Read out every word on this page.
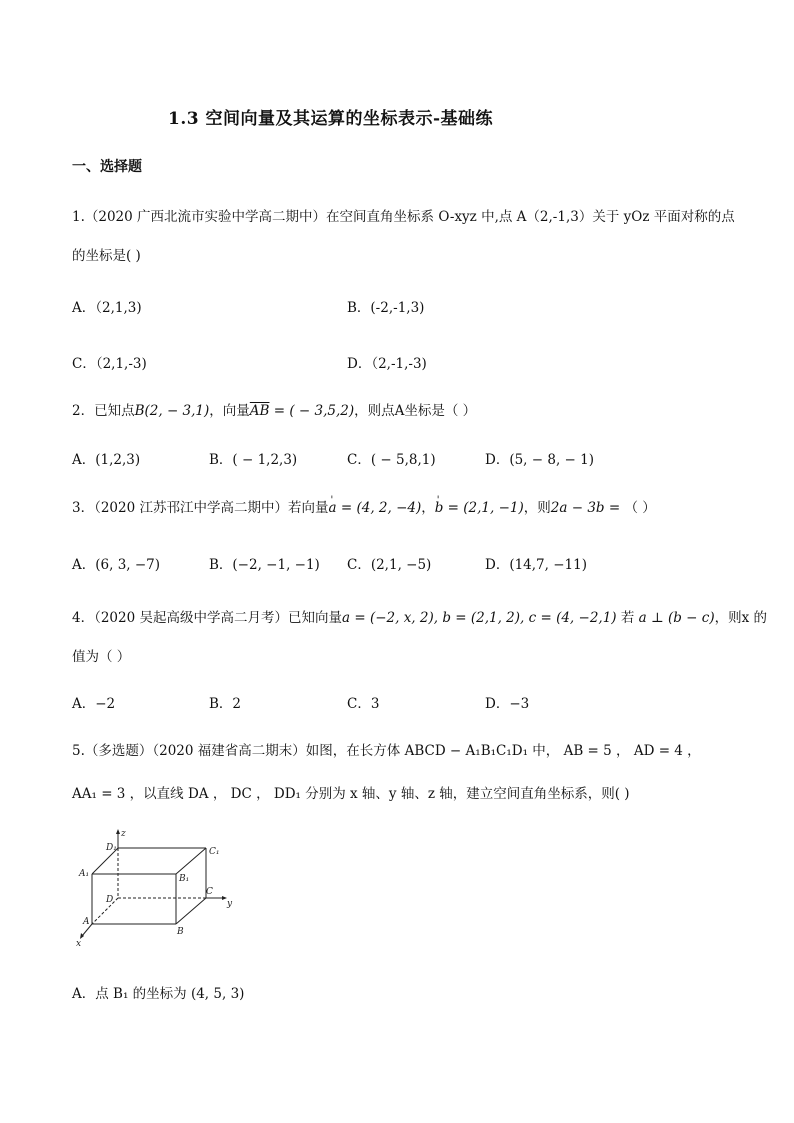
1.3 空间向量及其运算的坐标表示-基础练
一、选择题
1.（2020 广西北流市实验中学高二期中）在空间直角坐标系 O-xyz 中,点 A（2,-1,3）关于 yOz 平面对称的点
的坐标是( )
A．（2,1,3)	B．(-2,-1,3)
C．（2,1,-3)	D．（2,-1,-3)
2．已知点B(2, − 3,1)，向量$\overline{AB}$ = ( − 3,5,2)，则点A坐标是（ ）
A．(1,2,3)	B．( − 1,2,3)	C．( − 5,8,1)	D．(5, − 8, − 1)
3．（2020 江苏邗江中学高二期中）若向量' a = (4, 2, −4)，' b = (2,1, −1)，则2a − 3b = （ ）
A．(6, 3, −7)	B．(−2, −1, −1) C．(2,1, −5)	D．(14,7, −11)
4．（2020 吴起高级中学高二月考）已知向量a = (−2, x, 2), b = (2,1, 2), c = (4, −2,1) 若 a ⊥ (b − c)，则x 的
值为（ ）
A．−2	B．2	C．3	D．−3
5.（多选题）（2020 福建省高二期末）如图，在长方体 ABCD − A₁B₁C₁D₁ 中， AB = 5 ， AD = 4 ，
AA₁ = 3 ，以直线 DA ， DC ， DD₁ 分别为 x 轴、y 轴、z 轴，建立空间直角坐标系，则( )
z
D₁	C₁
A₁	B₁
D
C
y
A
B
x
A．点 B₁ 的坐标为 (4, 5, 3)
